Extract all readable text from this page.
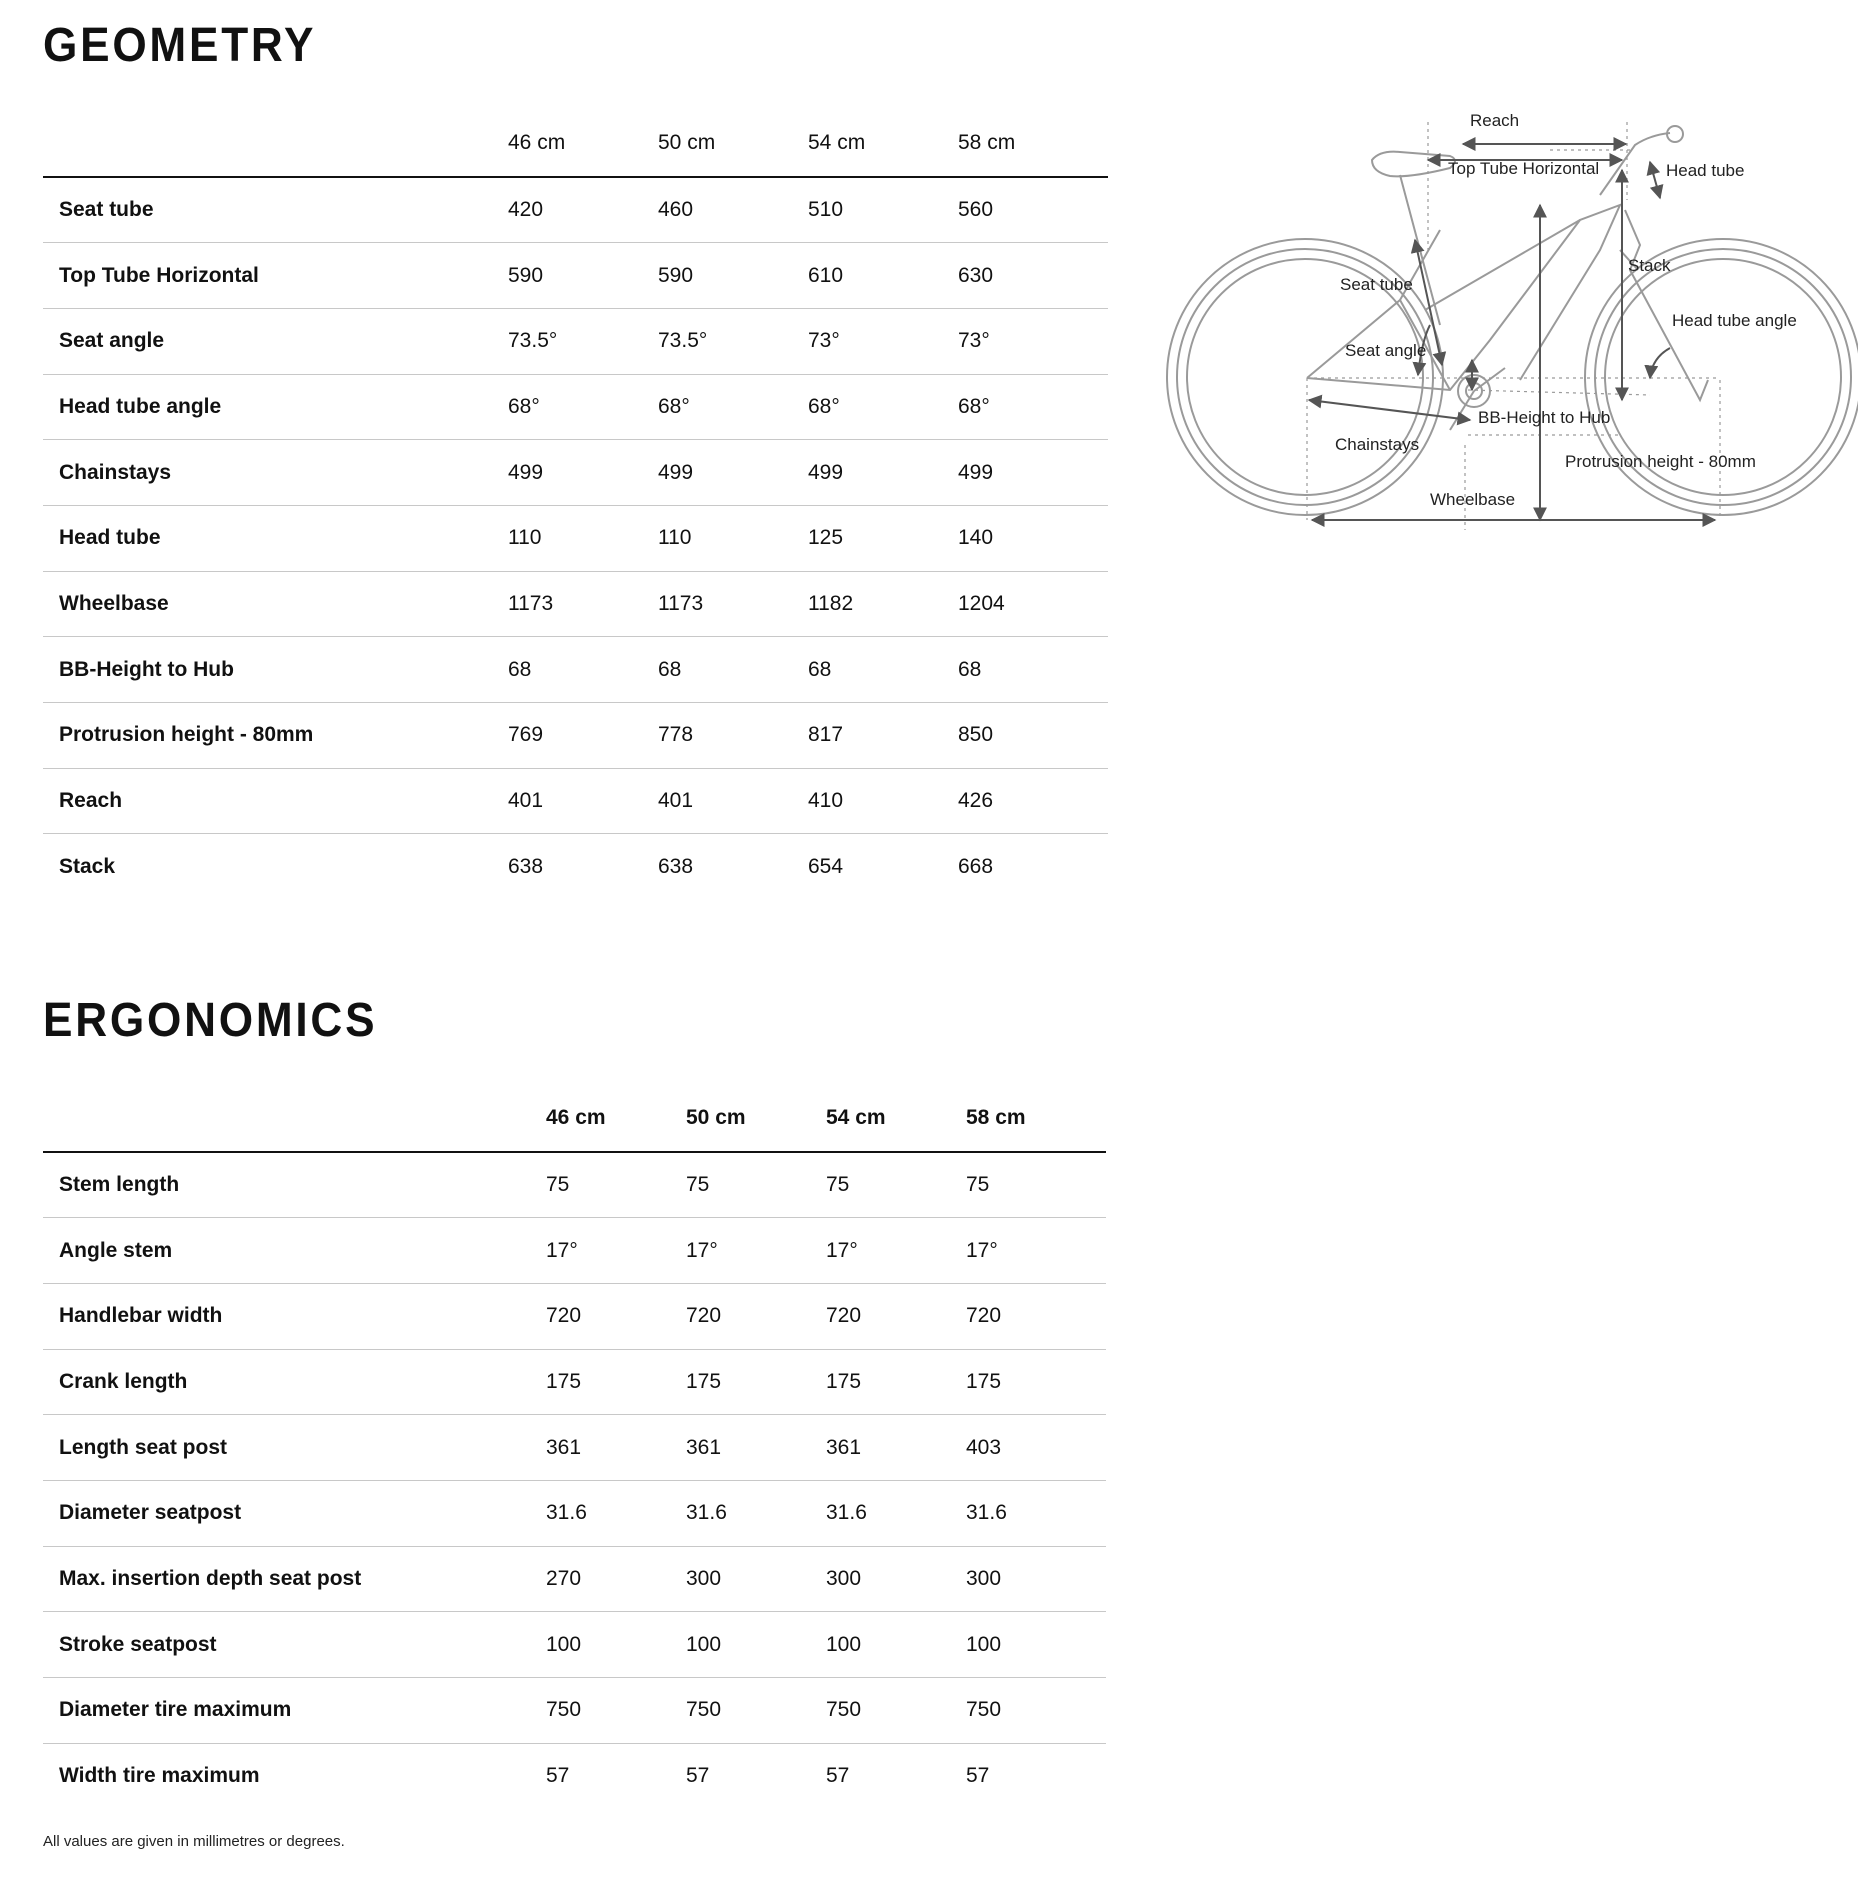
GEOMETRY
	46 cm	50 cm	54 cm	58 cm
Seat tube	420	460	510	560
Top Tube Horizontal	590	590	610	630
Seat angle	73.5°	73.5°	73°	73°
Head tube angle	68°	68°	68°	68°
Chainstays	499	499	499	499
Head tube	110	110	125	140
Wheelbase	1173	1173	1182	1204
BB-Height to Hub	68	68	68	68
Protrusion height - 80mm	769	778	817	850
Reach	401	401	410	426
Stack	638	638	654	668
ERGONOMICS
	46 cm	50 cm	54 cm	58 cm
Stem length	75	75	75	75
Angle stem	17°	17°	17°	17°
Handlebar width	720	720	720	720
Crank length	175	175	175	175
Length seat post	361	361	361	403
Diameter seatpost	31.6	31.6	31.6	31.6
Max. insertion depth seat post	270	300	300	300
Stroke seatpost	100	100	100	100
Diameter tire maximum	750	750	750	750
Width tire maximum	57	57	57	57
All values are given in millimetres or degrees.
Reach
Top Tube Horizontal	Head tube
Stack
Seat tube
Head tube angle
Seat angle
BB-Height to Hub
Chainstays
Protrusion height - 80mm
Wheelbase
